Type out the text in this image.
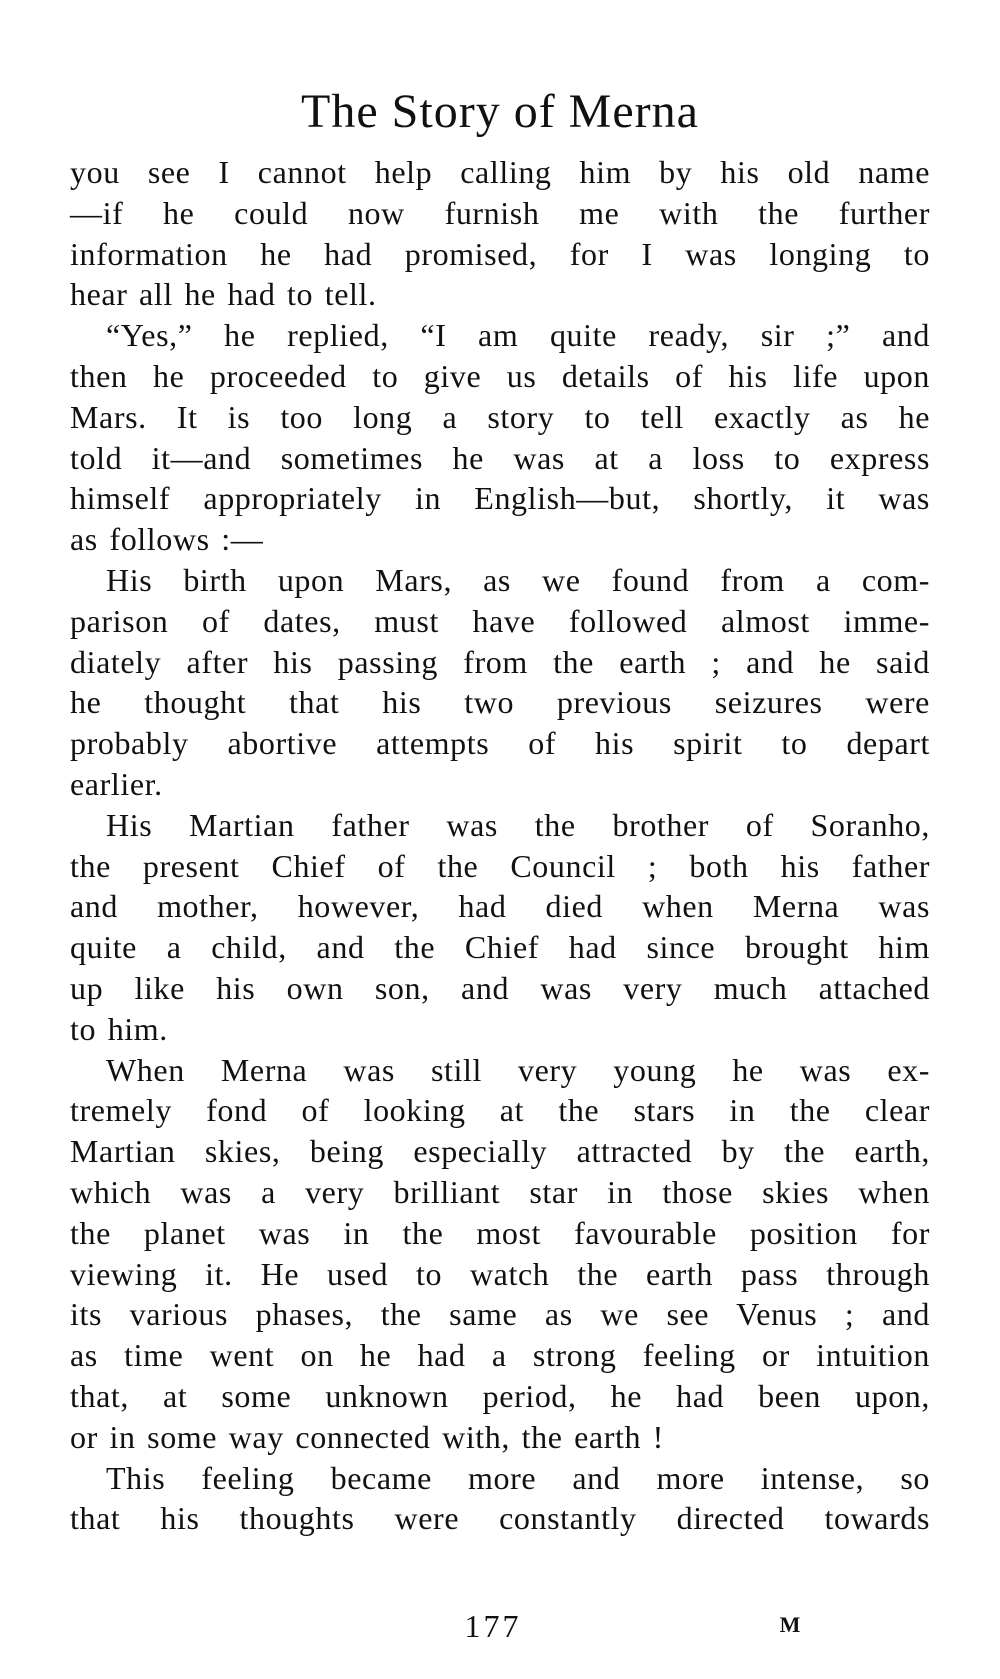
The Story of Merna

you see I cannot help calling him by his old name
—if he could now furnish me with the further
information he had promised, for I was longing to
hear all he had to tell.

“Yes,” he replied, “I am quite ready, sir ;” and
then he proceeded to give us details of his life upon
Mars. It is too long a story to tell exactly as he
told it—and sometimes he was at a loss to express
himself appropriately in English—but, shortly, it was
as follows :—

His birth upon Mars, as we found from a com-
parison of dates, must have followed almost imme-
diately after his passing from the earth ; and he said
he thought that his two previous seizures were
probably abortive attempts of his spirit to depart
earlier.

His Martian father was the brother of Soranho,
the present Chief of the Council ; both his father
and mother, however, had died when Merna was
quite a child, and the Chief had since brought him
up like his own son, and was very much attached
to him.

When Merna was still very young he was ex-
tremely fond of looking at the stars in the clear
Martian skies, being especially attracted by the earth,
which was a very brilliant star in those skies when
the planet was in the most favourable position for
viewing it. He used to watch the earth pass through
its various phases, the same as we see Venus ; and
as time went on he had a strong feeling or intuition
that, at some unknown period, he had been upon,
or in some way connected with, the earth !

This feeling became more and more intense, so
that his thoughts were constantly directed towards

177	M
